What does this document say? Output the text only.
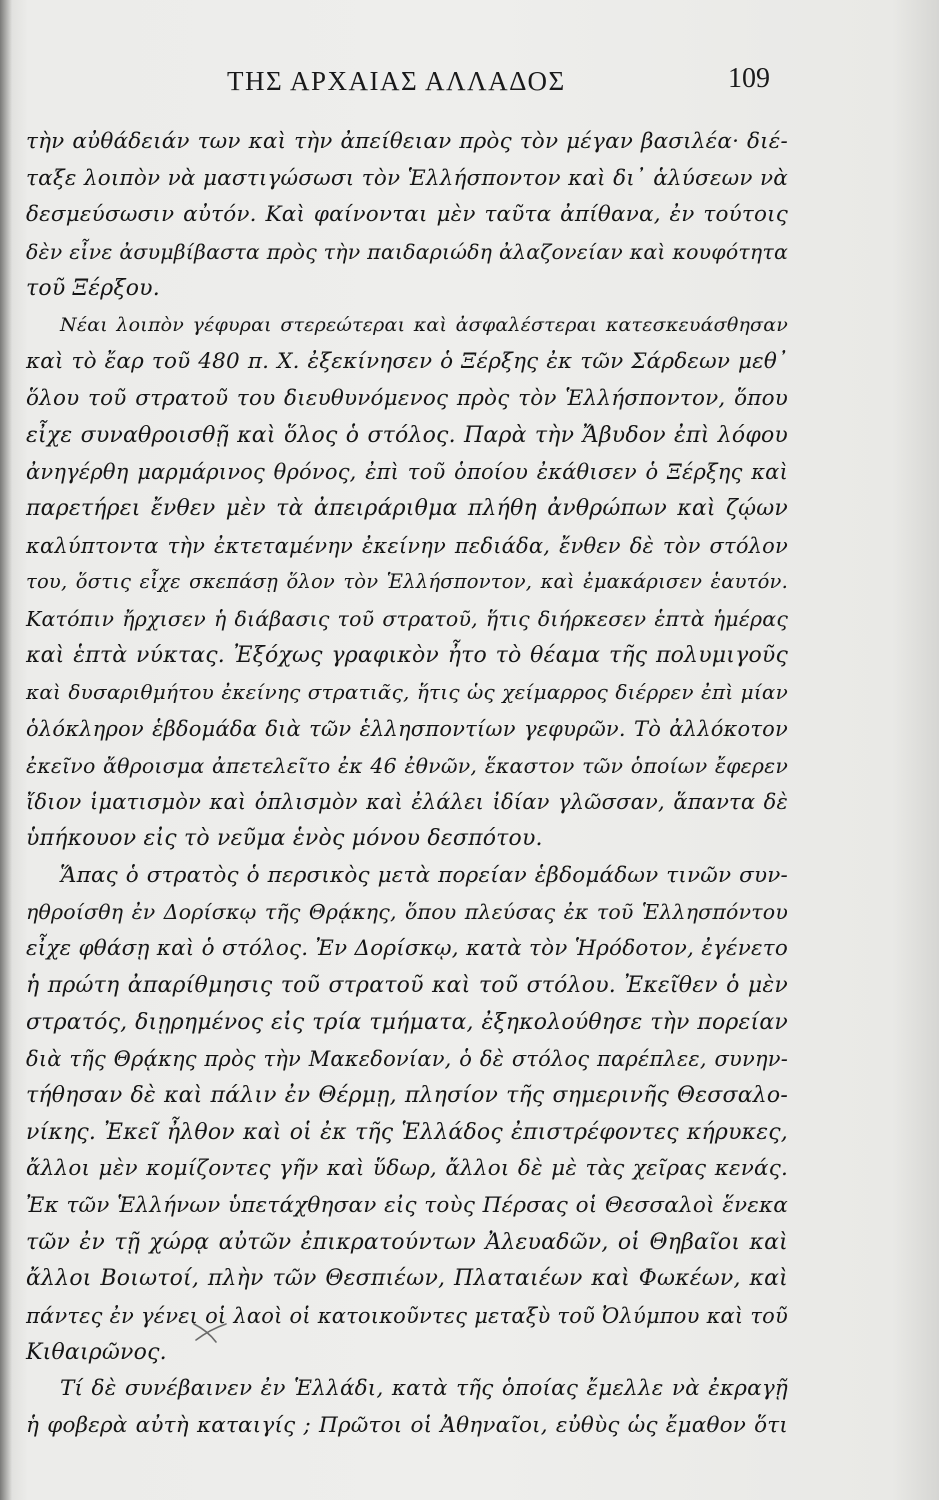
ΤΗΣ ΑΡΧΑΙΑΣ ΑΛΛΑΔΟΣ	109
τὴν αὐθάδειάν των καὶ τὴν ἀπείθειαν πρὸς τὸν μέγαν βασιλέα· διέ-
ταξε λοιπὸν νὰ μαστιγώσωσι τὸν Ἑλλήσποντον καὶ δι᾽ ἁλύσεων νὰ
δεσμεύσωσιν αὐτόν. Καὶ φαίνονται μὲν ταῦτα ἀπίθανα, ἐν τούτοις
δὲν εἶνε ἀσυμβίβαστα πρὸς τὴν παιδαριώδη ἀλαζονείαν καὶ κουφότητα
τοῦ Ξέρξου.
Νέαι λοιπὸν γέφυραι στερεώτεραι καὶ ἀσφαλέστεραι κατεσκευάσθησαν
καὶ τὸ ἔαρ τοῦ 480 π. Χ. ἐξεκίνησεν ὁ Ξέρξης ἐκ τῶν Σάρδεων μεθ᾽
ὅλου τοῦ στρατοῦ του διευθυνόμενος πρὸς τὸν Ἑλλήσποντον, ὅπου
εἶχε συναθροισθῇ καὶ ὅλος ὁ στόλος. Παρὰ τὴν Ἄβυδον ἐπὶ λόφου
ἀνηγέρθη μαρμάρινος θρόνος, ἐπὶ τοῦ ὁποίου ἐκάθισεν ὁ Ξέρξης καὶ
παρετήρει ἔνθεν μὲν τὰ ἀπειράριθμα πλήθη ἀνθρώπων καὶ ζῴων
καλύπτοντα τὴν ἐκτεταμένην ἐκείνην πεδιάδα, ἔνθεν δὲ τὸν στόλον
του, ὅστις εἶχε σκεπάσῃ ὅλον τὸν Ἑλλήσποντον, καὶ ἐμακάρισεν ἑαυτόν.
Κατόπιν ἤρχισεν ἡ διάβασις τοῦ στρατοῦ, ἥτις διήρκεσεν ἑπτὰ ἡμέρας
καὶ ἑπτὰ νύκτας. Ἐξόχως γραφικὸν ἦτο τὸ θέαμα τῆς πολυμιγοῦς
καὶ δυσαριθμήτου ἐκείνης στρατιᾶς, ἥτις ὡς χείμαρρος διέρρεν ἐπὶ μίαν
ὁλόκληρον ἑβδομάδα διὰ τῶν ἑλλησποντίων γεφυρῶν. Τὸ ἀλλόκοτον
ἐκεῖνο ἄθροισμα ἀπετελεῖτο ἐκ 46 ἐθνῶν, ἕκαστον τῶν ὁποίων ἔφερεν
ἴδιον ἱματισμὸν καὶ ὁπλισμὸν καὶ ἐλάλει ἰδίαν γλῶσσαν, ἅπαντα δὲ
ὑπήκουον εἰς τὸ νεῦμα ἑνὸς μόνου δεσπότου.
Ἅπας ὁ στρατὸς ὁ περσικὸς μετὰ πορείαν ἑβδομάδων τινῶν συν-
ηθροίσθη ἐν Δορίσκῳ τῆς Θρᾴκης, ὅπου πλεύσας ἐκ τοῦ Ἑλλησπόντου
εἶχε φθάσῃ καὶ ὁ στόλος. Ἐν Δορίσκῳ, κατὰ τὸν Ἡρόδοτον, ἐγένετο
ἡ πρώτη ἀπαρίθμησις τοῦ στρατοῦ καὶ τοῦ στόλου. Ἐκεῖθεν ὁ μὲν
στρατός, διῃρημένος εἰς τρία τμήματα, ἐξηκολούθησε τὴν πορείαν
διὰ τῆς Θρᾴκης πρὸς τὴν Μακεδονίαν, ὁ δὲ στόλος παρέπλεε, συνην-
τήθησαν δὲ καὶ πάλιν ἐν Θέρμῃ, πλησίον τῆς σημερινῆς Θεσσαλο-
νίκης. Ἐκεῖ ἦλθον καὶ οἱ ἐκ τῆς Ἑλλάδος ἐπιστρέφοντες κήρυκες,
ἄλλοι μὲν κομίζοντες γῆν καὶ ὕδωρ, ἄλλοι δὲ μὲ τὰς χεῖρας κενάς.
Ἐκ τῶν Ἑλλήνων ὑπετάχθησαν εἰς τοὺς Πέρσας οἱ Θεσσαλοὶ ἕνεκα
τῶν ἐν τῇ χώρᾳ αὐτῶν ἐπικρατούντων Ἀλευαδῶν, οἱ Θηβαῖοι καὶ
ἄλλοι Βοιωτοί, πλὴν τῶν Θεσπιέων, Πλαταιέων καὶ Φωκέων, καὶ
πάντες ἐν γένει οἱ λαοὶ οἱ κατοικοῦντες μεταξὺ τοῦ Ὀλύμπου καὶ τοῦ
Κιθαιρῶνος.
Τί δὲ συνέβαινεν ἐν Ἑλλάδι, κατὰ τῆς ὁποίας ἔμελλε νὰ ἐκραγῇ
ἡ φοβερὰ αὐτὴ καταιγίς ; Πρῶτοι οἱ Ἀθηναῖοι, εὐθὺς ὡς ἔμαθον ὅτι
